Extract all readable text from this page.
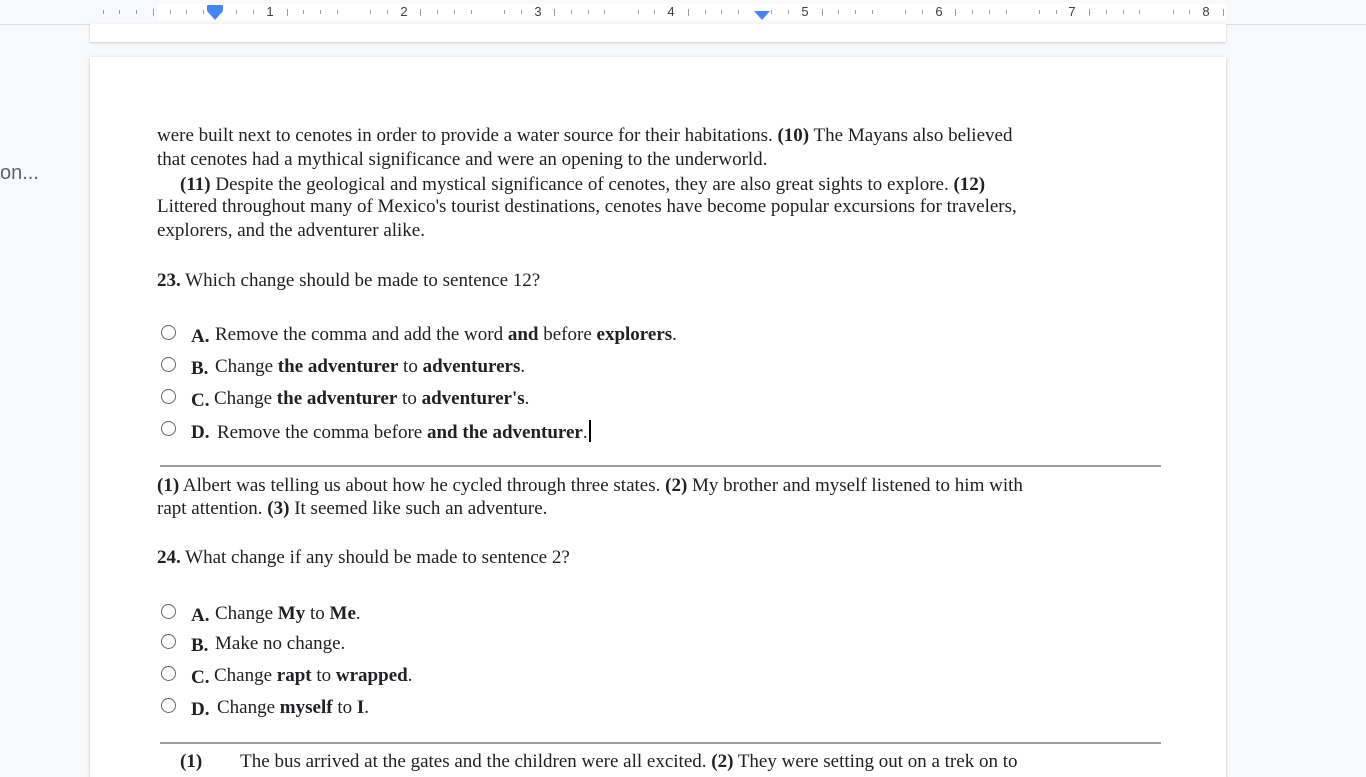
1	2	3	4	5	6	7	8
on...
were built next to cenotes in order to provide a water source for their habitations. (10) The Mayans also believed
that cenotes had a mythical significance and were an opening to the underworld.
(11) Despite the geological and mystical significance of cenotes, they are also great sights to explore. (12)
Littered throughout many of Mexico's tourist destinations, cenotes have become popular excursions for travelers,
explorers, and the adventurer alike.
23. Which change should be made to sentence 12?
A. Remove the comma and add the word and before explorers.
B. Change the adventurer to adventurers.
C. Change the adventurer to adventurer's.
D. Remove the comma before and the adventurer.
(1) Albert was telling us about how he cycled through three states. (2) My brother and myself listened to him with
rapt attention. (3) It seemed like such an adventure.
24. What change if any should be made to sentence 2?
A. Change My to Me.
B. Make no change.
C. Change rapt to wrapped.
D. Change myself to I.
(1) The bus arrived at the gates and the children were all excited. (2) They were setting out on a trek on to
